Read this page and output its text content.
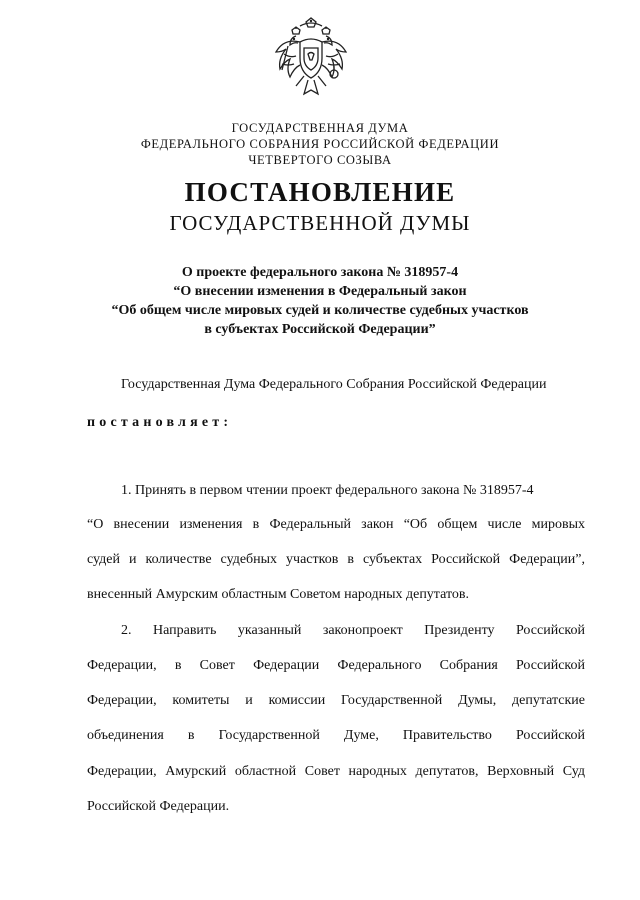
ГОСУДАРСТВЕННАЯ ДУМА
ФЕДЕРАЛЬНОГО СОБРАНИЯ РОССИЙСКОЙ ФЕДЕРАЦИИ
ЧЕТВЕРТОГО СОЗЫВА
ПОСТАНОВЛЕНИЕ
ГОСУДАРСТВЕННОЙ ДУМЫ
О проекте федерального закона № 318957-4
“О внесении изменения в Федеральный закон
“Об общем числе мировых судей и количестве судебных участков
в субъектах Российской Федерации”
Государственная Дума Федерального Собрания Российской Федерации
постановляет:
1. Принять в первом чтении проект федерального закона № 318957-4
“О внесении изменения в Федеральный закон “Об общем числе мировых
судей и количестве судебных участков в субъектах Российской Федерации”,
внесенный Амурским областным Советом народных депутатов.
2. Направить указанный законопроект Президенту Российской
Федерации, в Совет Федерации Федерального Собрания Российской
Федерации, комитеты и комиссии Государственной Думы, депутатские
объединения в Государственной Думе, Правительство Российской
Федерации, Амурский областной Совет народных депутатов, Верховный Суд
Российской Федерации.
